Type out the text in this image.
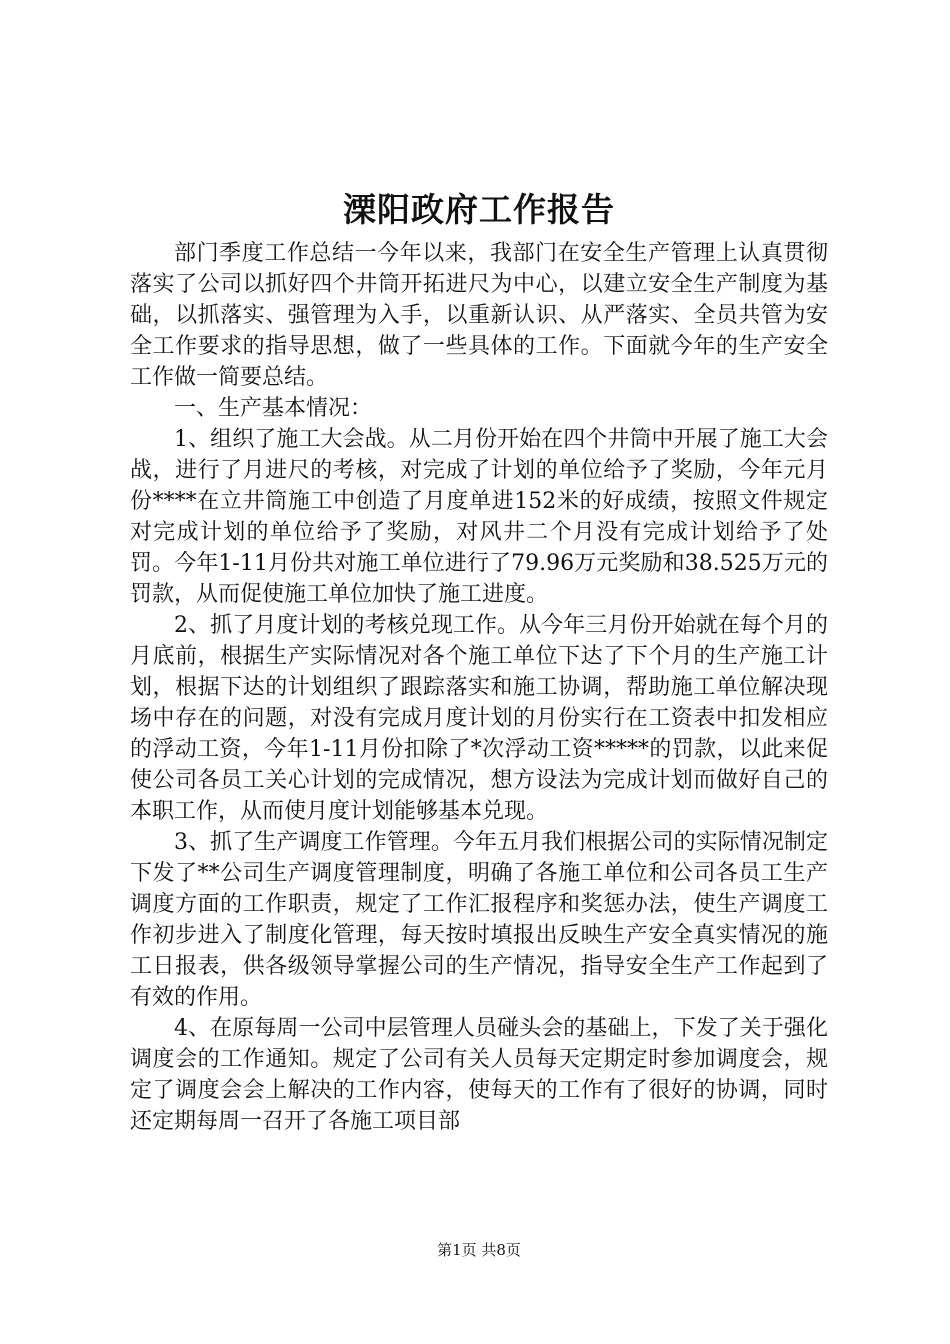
溧阳政府工作报告

部门季度工作总结一今年以来，我部门在安全生产管理上认真贯彻落实了公司以抓好四个井筒开拓进尺为中心，以建立安全生产制度为基础，以抓落实、强管理为入手，以重新认识、从严落实、全员共管为安全工作要求的指导思想，做了一些具体的工作。下面就今年的生产安全工作做一简要总结。

一、生产基本情况：

1、组织了施工大会战。从二月份开始在四个井筒中开展了施工大会战，进行了月进尺的考核，对完成了计划的单位给予了奖励，今年元月份****在立井筒施工中创造了月度单进152米的好成绩，按照文件规定对完成计划的单位给予了奖励，对风井二个月没有完成计划给予了处罚。今年1-11月份共对施工单位进行了79.96万元奖励和38.525万元的罚款，从而促使施工单位加快了施工进度。

2、抓了月度计划的考核兑现工作。从今年三月份开始就在每个月的月底前，根据生产实际情况对各个施工单位下达了下个月的生产施工计划，根据下达的计划组织了跟踪落实和施工协调，帮助施工单位解决现场中存在的问题，对没有完成月度计划的月份实行在工资表中扣发相应的浮动工资，今年1-11月份扣除了*次浮动工资*****的罚款，以此来促使公司各员工关心计划的完成情况，想方设法为完成计划而做好自己的本职工作，从而使月度计划能够基本兑现。

3、抓了生产调度工作管理。今年五月我们根据公司的实际情况制定下发了**公司生产调度管理制度，明确了各施工单位和公司各员工生产调度方面的工作职责，规定了工作汇报程序和奖惩办法，使生产调度工作初步进入了制度化管理，每天按时填报出反映生产安全真实情况的施工日报表，供各级领导掌握公司的生产情况，指导安全生产工作起到了有效的作用。

4、在原每周一公司中层管理人员碰头会的基础上，下发了关于强化调度会的工作通知。规定了公司有关人员每天定期定时参加调度会，规定了调度会会上解决的工作内容，使每天的工作有了很好的协调，同时还定期每周一召开了各施工项目部

第1页 共8页
